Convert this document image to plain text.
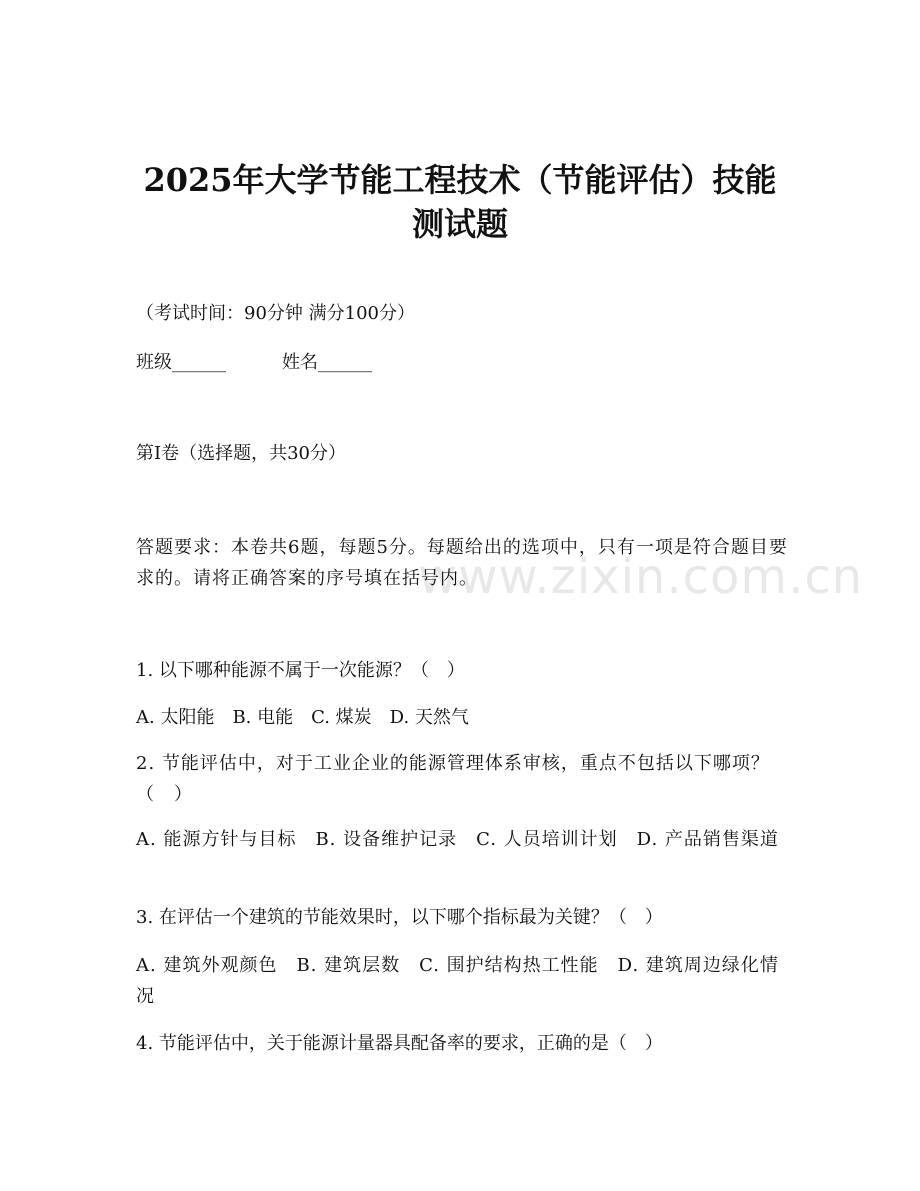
www.zixin.com.cn
2025年大学节能工程技术（节能评估）技能
测试题

（考试时间：90分钟 满分100分）

班级______	姓名______

第I卷（选择题，共30分）

答题要求：本卷共6题，每题5分。每题给出的选项中，只有一项是符合题目要求的。请将正确答案的序号填在括号内。

1. 以下哪种能源不属于一次能源？（　）

A. 太阳能　B. 电能　C. 煤炭　D. 天然气

2. 节能评估中，对于工业企业的能源管理体系审核，重点不包括以下哪项？（　）

A. 能源方针与目标　B. 设备维护记录　C. 人员培训计划　D. 产品销售渠道

3. 在评估一个建筑的节能效果时，以下哪个指标最为关键？（　）

A. 建筑外观颜色　B. 建筑层数　C. 围护结构热工性能　D. 建筑周边绿化情况

4. 节能评估中，关于能源计量器具配备率的要求，正确的是（　）
